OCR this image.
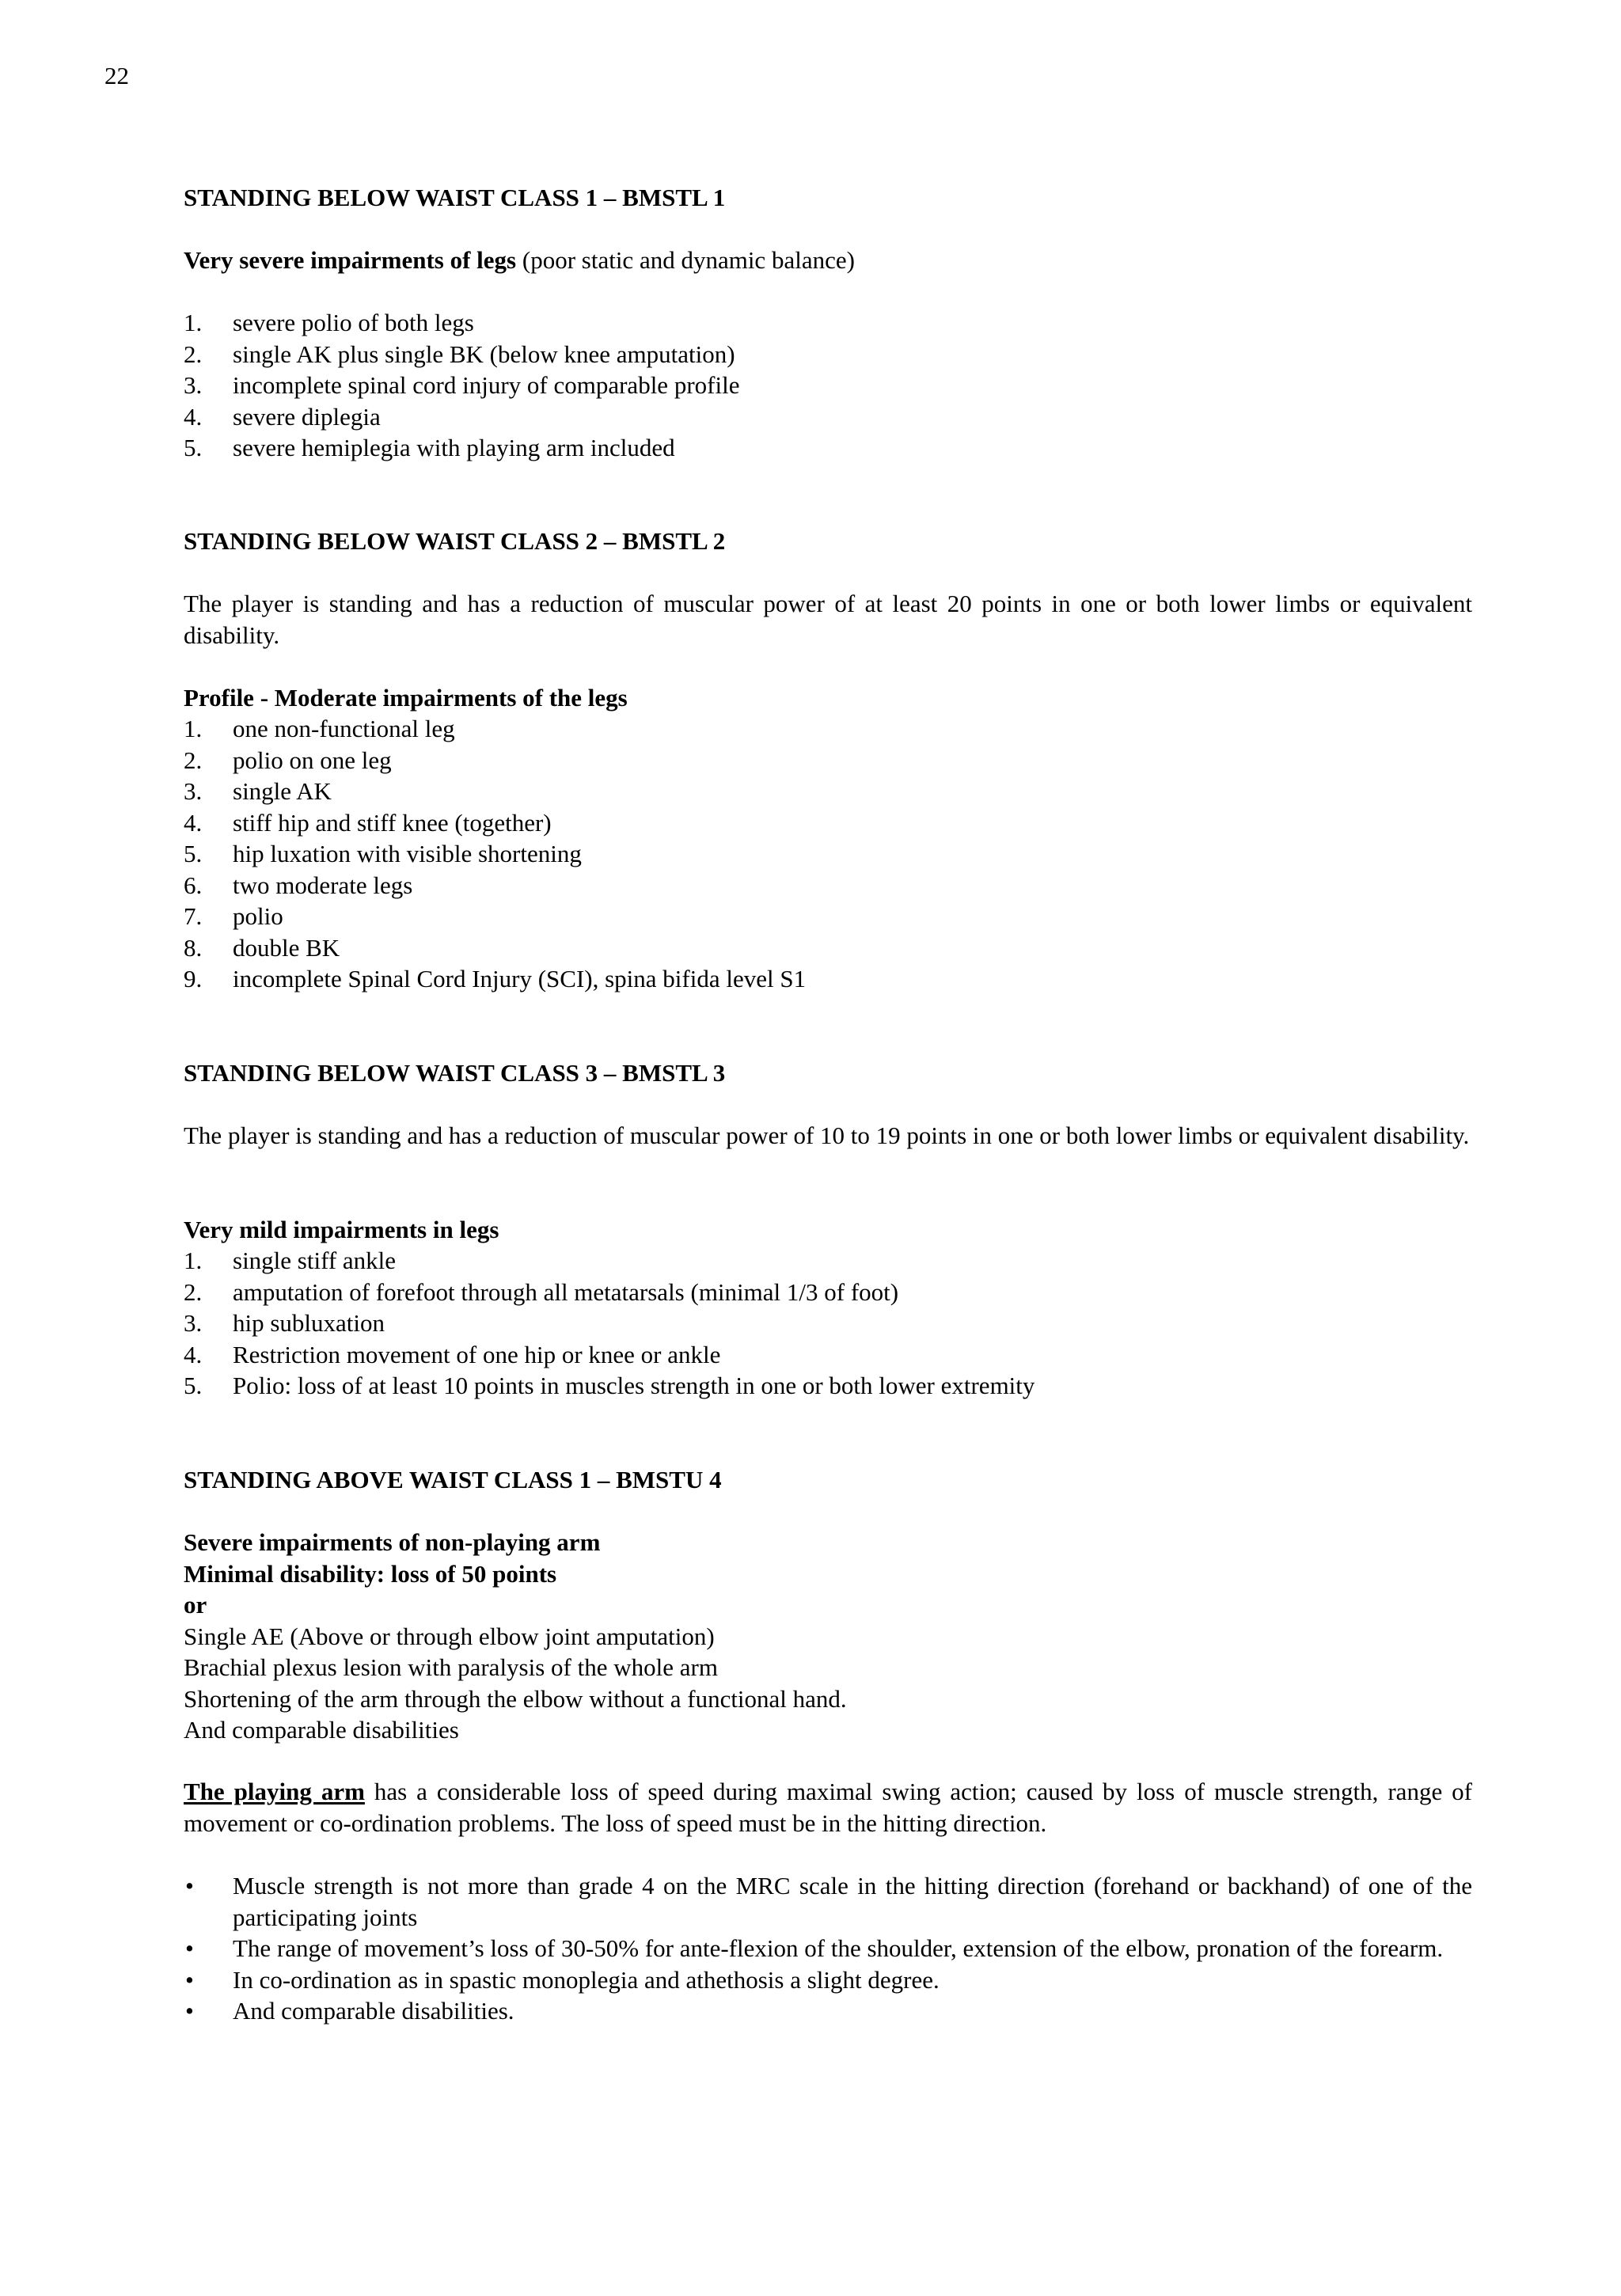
22

STANDING BELOW WAIST CLASS 1 – BMSTL 1

Very severe impairments of legs (poor static and dynamic balance)

1. severe polio of both legs
2. single AK plus single BK (below knee amputation)
3. incomplete spinal cord injury of comparable profile
4. severe diplegia
5. severe hemiplegia with playing arm included

STANDING BELOW WAIST CLASS 2 – BMSTL 2

The player is standing and has a reduction of muscular power of at least 20 points in one or both lower limbs or equivalent disability.

Profile - Moderate impairments of the legs

1. one non-functional leg
2. polio on one leg
3. single AK
4. stiff hip and stiff knee (together)
5. hip luxation with visible shortening
6. two moderate legs
7. polio
8. double BK
9. incomplete Spinal Cord Injury (SCI), spina bifida level S1

STANDING BELOW WAIST CLASS 3 – BMSTL 3

The player is standing and has a reduction of muscular power of 10 to 19 points in one or both lower limbs or equivalent disability.

Very mild impairments in legs

1. single stiff ankle
2. amputation of forefoot through all metatarsals (minimal 1/3 of foot)
3. hip subluxation
4. Restriction movement of one hip or knee or ankle
5. Polio: loss of at least 10 points in muscles strength in one or both lower extremity

STANDING ABOVE WAIST CLASS 1 – BMSTU 4

Severe impairments of non-playing arm
Minimal disability: loss of 50 points
or
Single AE (Above or through elbow joint amputation)
Brachial plexus lesion with paralysis of the whole arm
Shortening of the arm through the elbow without a functional hand.
And comparable disabilities

The playing arm has a considerable loss of speed during maximal swing action; caused by loss of muscle strength, range of movement or co-ordination problems. The loss of speed must be in the hitting direction.

• Muscle strength is not more than grade 4 on the MRC scale in the hitting direction (forehand or backhand) of one of the participating joints
• The range of movement’s loss of 30-50% for ante-flexion of the shoulder, extension of the elbow, pronation of the forearm.
• In co-ordination as in spastic monoplegia and athethosis a slight degree.
• And comparable disabilities.
